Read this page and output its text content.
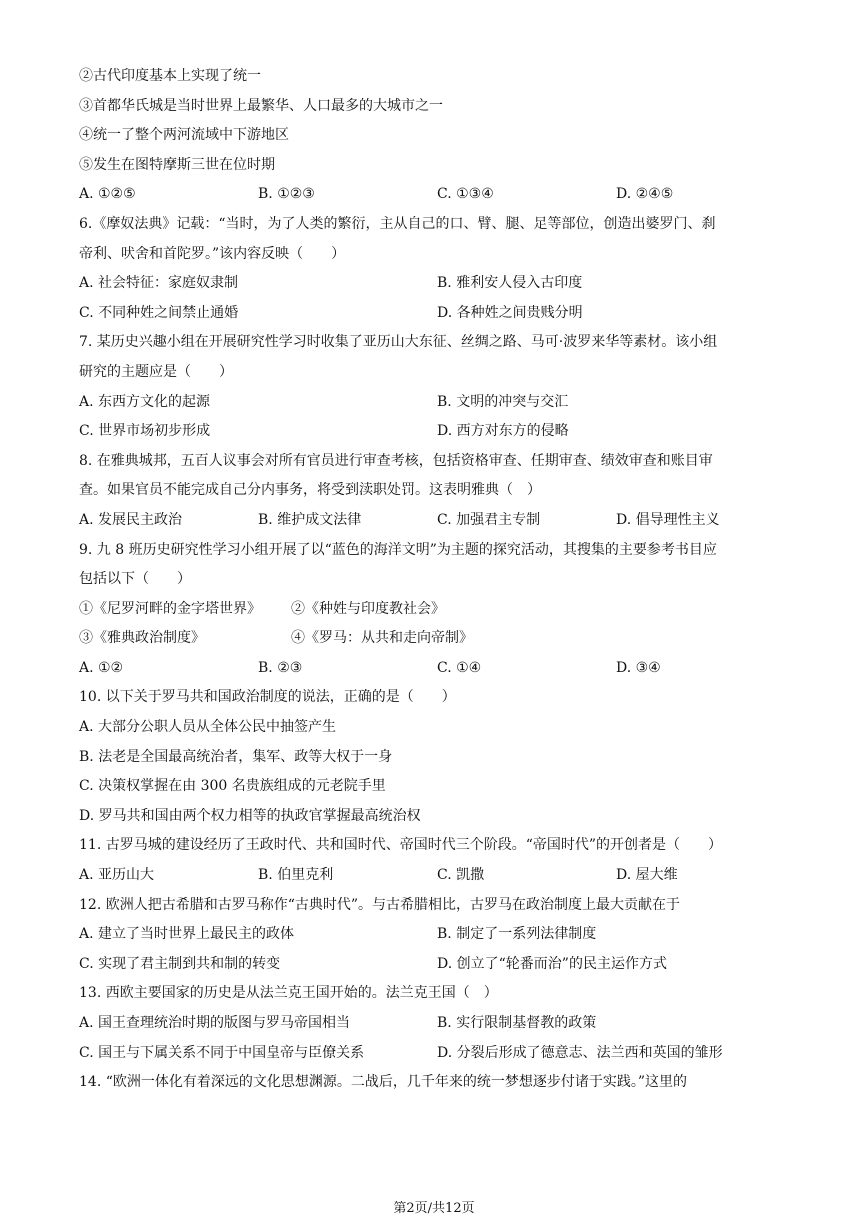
②古代印度基本上实现了统一
③首都华氏城是当时世界上最繁华、人口最多的大城市之一
④统一了整个两河流域中下游地区
⑤发生在图特摩斯三世在位时期
A. ①②⑤	B. ①②③	C. ①③④	D. ②④⑤
6.《摩奴法典》记载：“当时，为了人类的繁衍，主从自己的口、臂、腿、足等部位，创造出婆罗门、刹
帝利、吠舍和首陀罗。”该内容反映（　　）
A. 社会特征：家庭奴隶制	B. 雅利安人侵入古印度
C. 不同种姓之间禁止通婚	D. 各种姓之间贵贱分明
7. 某历史兴趣小组在开展研究性学习时收集了亚历山大东征、丝绸之路、马可·波罗来华等素材。该小组
研究的主题应是（　　）
A. 东西方文化的起源	B. 文明的冲突与交汇
C. 世界市场初步形成	D. 西方对东方的侵略
8. 在雅典城邦，五百人议事会对所有官员进行审查考核，包括资格审查、任期审查、绩效审查和账目审
查。如果官员不能完成自己分内事务，将受到渎职处罚。这表明雅典（　）
A. 发展民主政治	B. 维护成文法律	C. 加强君主专制	D. 倡导理性主义
9. 九 8 班历史研究性学习小组开展了以“蓝色的海洋文明”为主题的探究活动，其搜集的主要参考书目应
包括以下（　　）
①《尼罗河畔的金字塔世界》 ②《种姓与印度教社会》
③《雅典政治制度》	④《罗马：从共和走向帝制》
A. ①②	B. ②③	C. ①④	D. ③④
10. 以下关于罗马共和国政治制度的说法，正确的是（　　）
A. 大部分公职人员从全体公民中抽签产生
B. 法老是全国最高统治者，集军、政等大权于一身
C. 决策权掌握在由 300 名贵族组成的元老院手里
D. 罗马共和国由两个权力相等的执政官掌握最高统治权
11. 古罗马城的建设经历了王政时代、共和国时代、帝国时代三个阶段。“帝国时代”的开创者是（　　）
A. 亚历山大	B. 伯里克利	C. 凯撒	D. 屋大维
12. 欧洲人把古希腊和古罗马称作“古典时代”。与古希腊相比，古罗马在政治制度上最大贡献在于
A. 建立了当时世界上最民主的政体	B. 制定了一系列法律制度
C. 实现了君主制到共和制的转变	D. 创立了“轮番而治”的民主运作方式
13. 西欧主要国家的历史是从法兰克王国开始的。法兰克王国（　）
A. 国王查理统治时期的版图与罗马帝国相当	B. 实行限制基督教的政策
C. 国王与下属关系不同于中国皇帝与臣僚关系	D. 分裂后形成了德意志、法兰西和英国的雏形
14. “欧洲一体化有着深远的文化思想渊源。二战后，几千年来的统一梦想逐步付诸于实践。”这里的
第2页/共12页
